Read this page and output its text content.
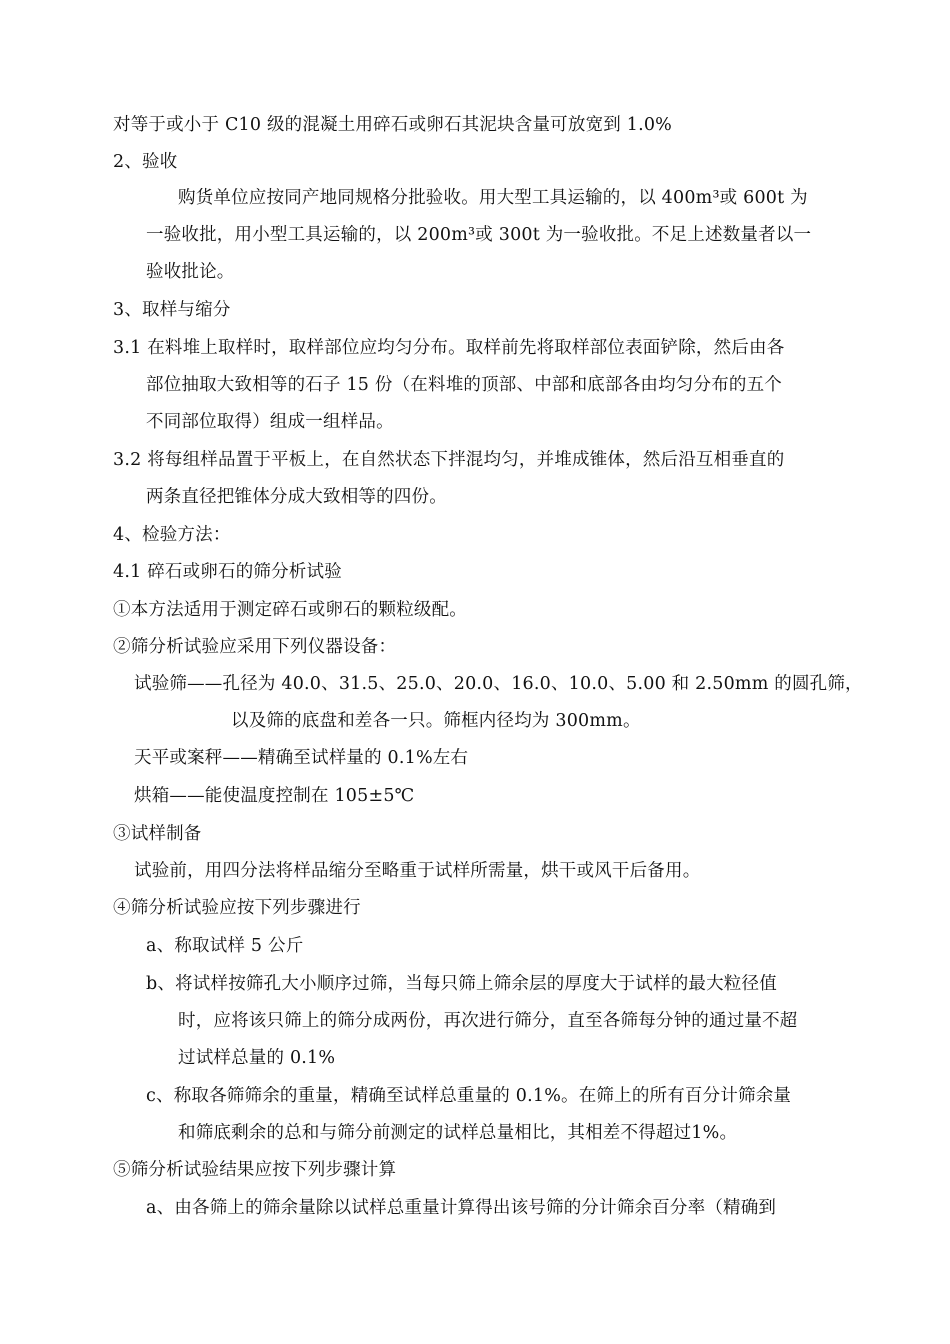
对等于或小于 C10 级的混凝土用碎石或卵石其泥块含量可放宽到 1.0%
2、验收
购货单位应按同产地同规格分批验收。用大型工具运输的，以 400m³或 600t 为
一验收批，用小型工具运输的，以 200m³或 300t 为一验收批。不足上述数量者以一
验收批论。
3、取样与缩分
3.1 在料堆上取样时，取样部位应均匀分布。取样前先将取样部位表面铲除，然后由各
部位抽取大致相等的石子 15 份（在料堆的顶部、中部和底部各由均匀分布的五个
不同部位取得）组成一组样品。
3.2 将每组样品置于平板上，在自然状态下拌混均匀，并堆成锥体，然后沿互相垂直的
两条直径把锥体分成大致相等的四份。
4、检验方法：
4.1 碎石或卵石的筛分析试验
①本方法适用于测定碎石或卵石的颗粒级配。
②筛分析试验应采用下列仪器设备：
试验筛——孔径为 40.0、31.5、25.0、20.0、16.0、10.0、5.00 和 2.50mm 的圆孔筛，
以及筛的底盘和差各一只。筛框内径均为 300mm。
天平或案秤——精确至试样量的 0.1%左右
烘箱——能使温度控制在 105±5℃
③试样制备
试验前，用四分法将样品缩分至略重于试样所需量，烘干或风干后备用。
④筛分析试验应按下列步骤进行
a、称取试样 5 公斤
b、将试样按筛孔大小顺序过筛，当每只筛上筛余层的厚度大于试样的最大粒径值
时，应将该只筛上的筛分成两份，再次进行筛分，直至各筛每分钟的通过量不超
过试样总量的 0.1%
c、称取各筛筛余的重量，精确至试样总重量的 0.1%。在筛上的所有百分计筛余量
和筛底剩余的总和与筛分前测定的试样总量相比，其相差不得超过1%。
⑤筛分析试验结果应按下列步骤计算
a、由各筛上的筛余量除以试样总重量计算得出该号筛的分计筛余百分率（精确到
